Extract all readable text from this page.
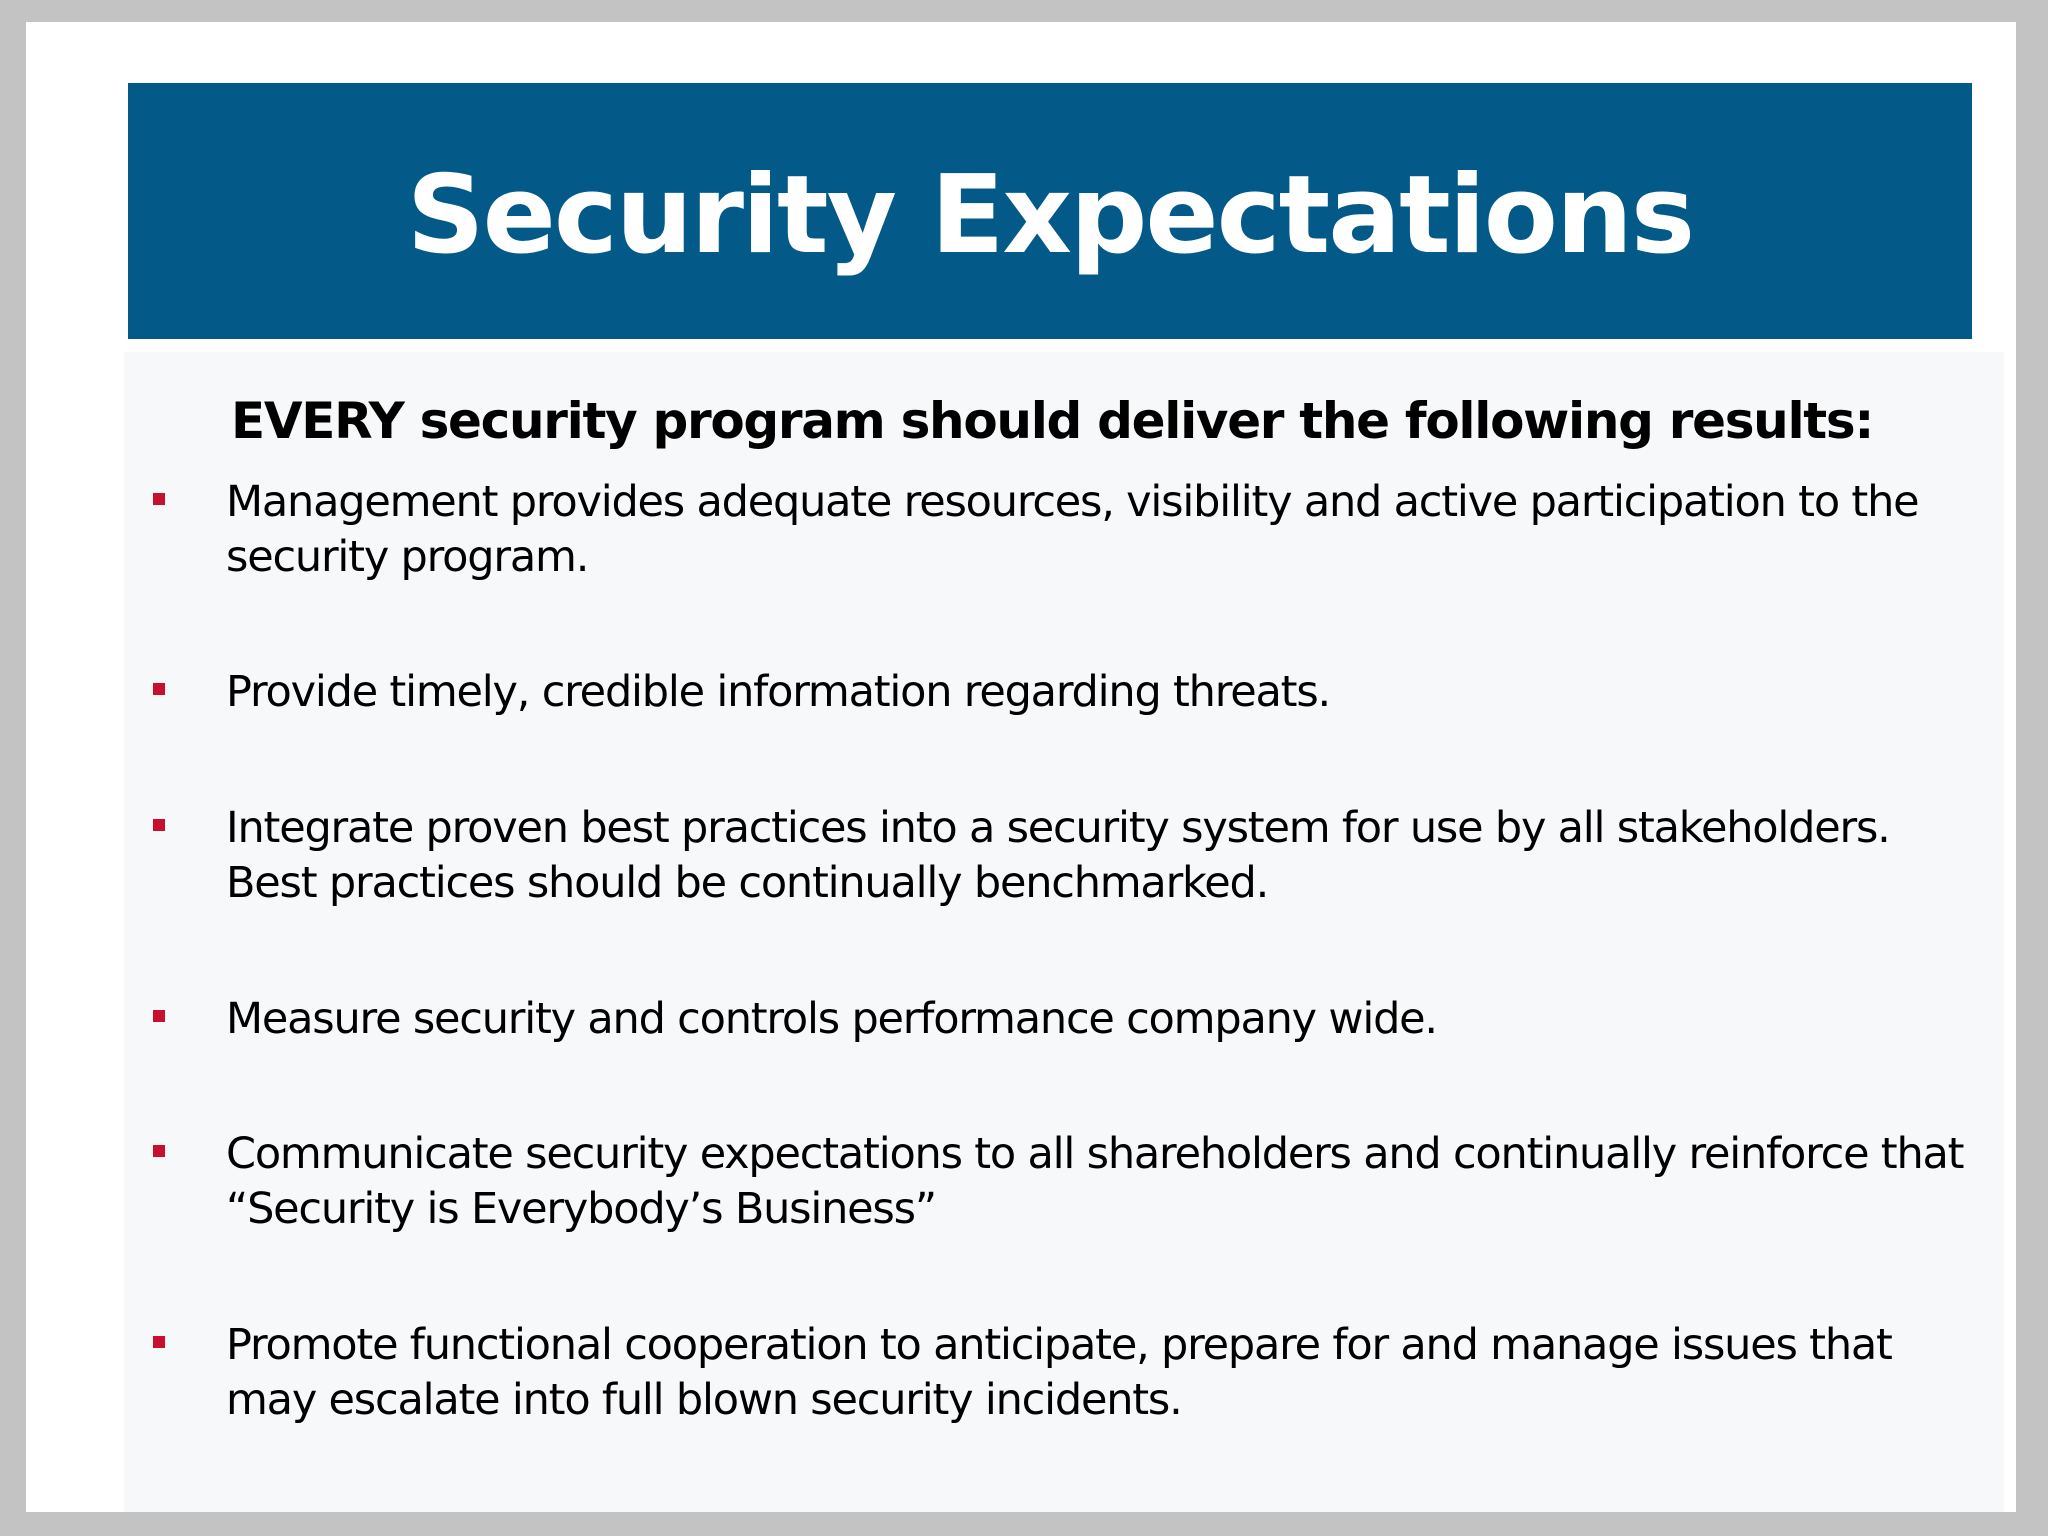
Security Expectations

EVERY security program should deliver the following results:

Management provides adequate resources, visibility and active participation to the security program.
Provide timely, credible information regarding threats.
Integrate proven best practices into a security system for use by all stakeholders. Best practices should be continually benchmarked.
Measure security and controls performance company wide.
Communicate security expectations to all shareholders and continually reinforce that “Security is Everybody’s Business”
Promote functional cooperation to anticipate, prepare for and manage issues that may escalate into full blown security incidents.
